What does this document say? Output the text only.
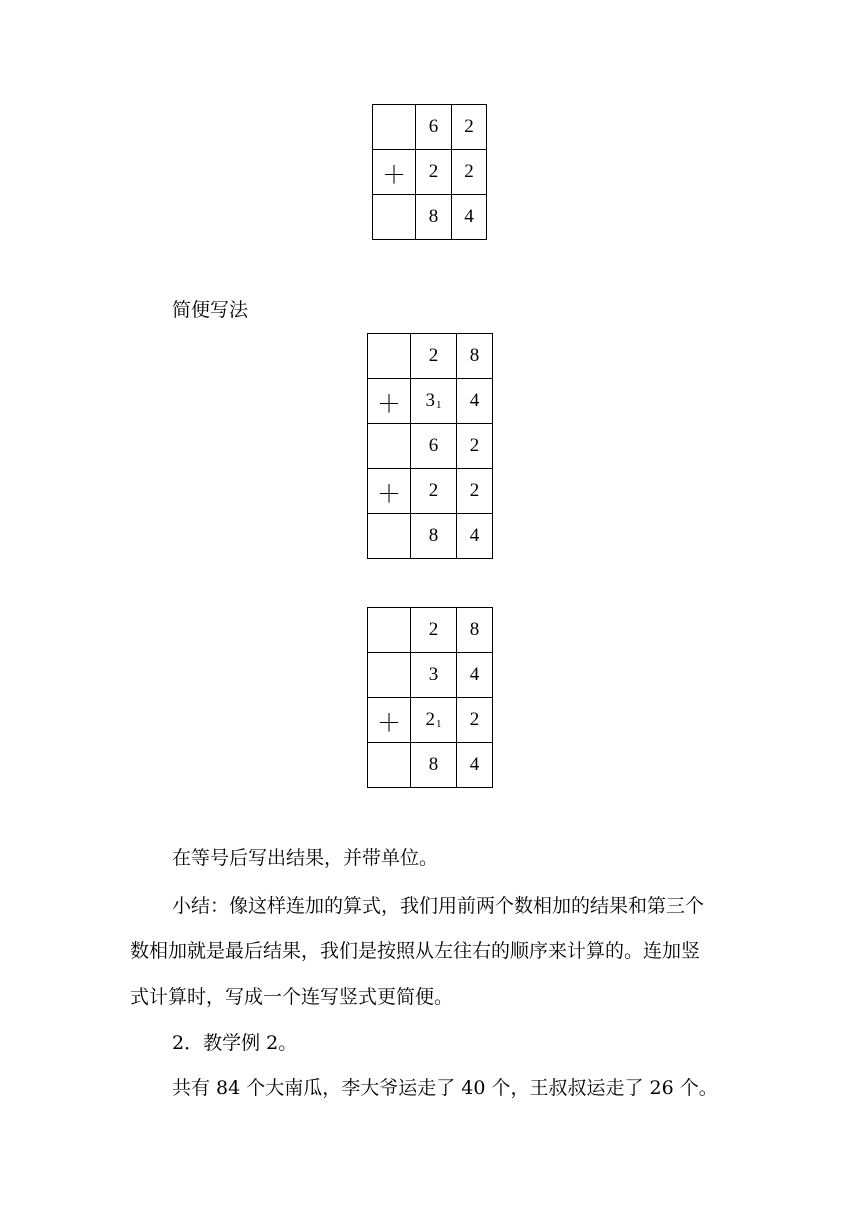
	6	2
＋	2	2
	8	4

简便写法

	2	8
＋	$3_1$	4
	6	2
＋	2	2
	8	4
	2	8
	3	4
＋	$2_1$	2
	8	4

在等号后写出结果，并带单位。

小结：像这样连加的算式，我们用前两个数相加的结果和第三个

数相加就是最后结果，我们是按照从左往右的顺序来计算的。连加竖

式计算时，写成一个连写竖式更简便。

2．教学例 2。

共有 84 个大南瓜，李大爷运走了 40 个，王叔叔运走了 26 个。
